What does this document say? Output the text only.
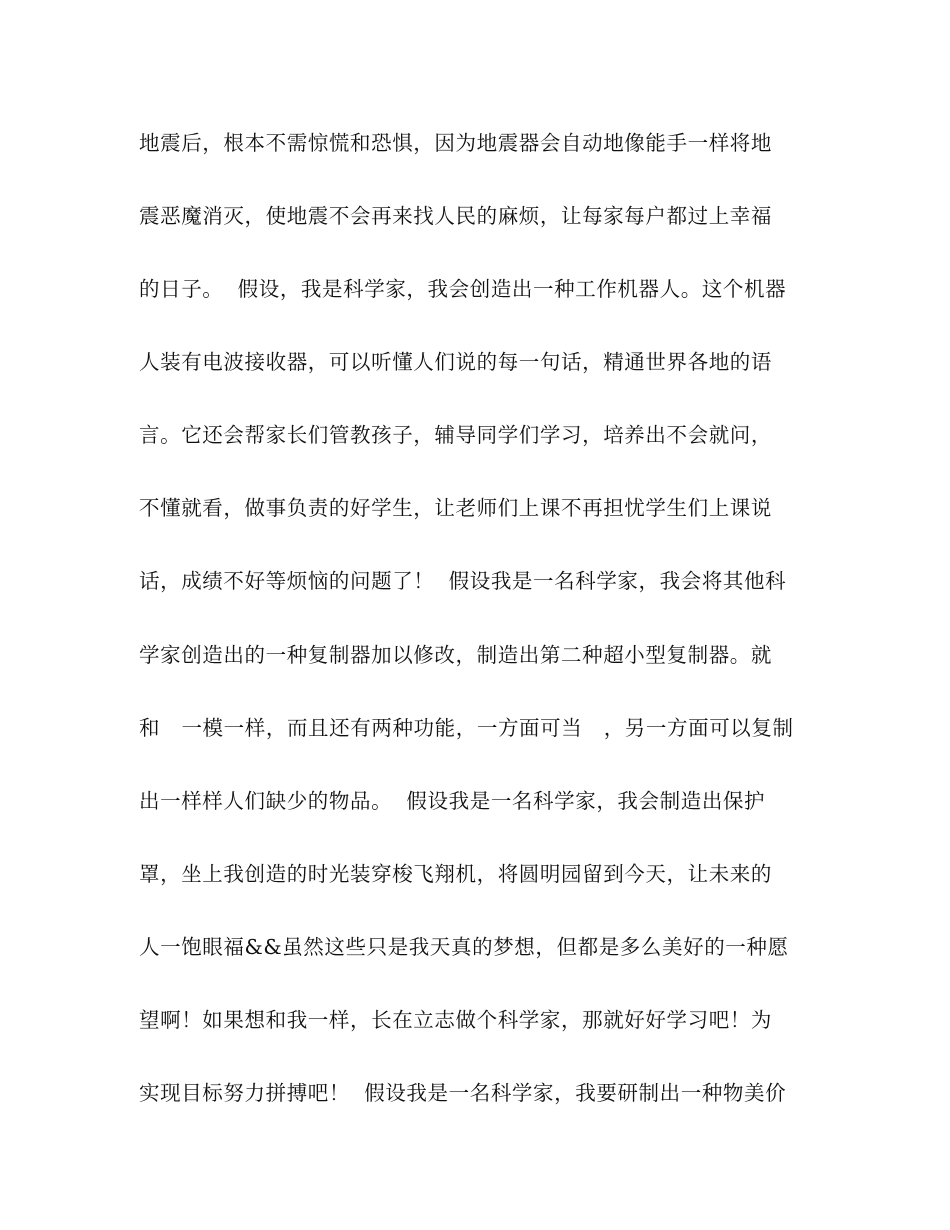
地震后，根本不需惊慌和恐惧，因为地震器会自动地像能手一样将地
震恶魔消灭，使地震不会再来找人民的麻烦，让每家每户都过上幸福
的日子。  假设，我是科学家，我会创造出一种工作机器人。这个机器
人装有电波接收器，可以听懂人们说的每一句话，精通世界各地的语
言。它还会帮家长们管教孩子，辅导同学们学习，培养出不会就问，
不懂就看，做事负责的好学生，让老师们上课不再担忧学生们上课说
话，成绩不好等烦恼的问题了！  假设我是一名科学家，我会将其他科
学家创造出的一种复制器加以修改，制造出第二种超小型复制器。就
和   一模一样，而且还有两种功能，一方面可当   ，另一方面可以复制
出一样样人们缺少的物品。  假设我是一名科学家，我会制造出保护
罩，坐上我创造的时光装穿梭飞翔机，将圆明园留到今天，让未来的
人一饱眼福&&虽然这些只是我天真的梦想，但都是多么美好的一种愿
望啊！如果想和我一样，长在立志做个科学家，那就好好学习吧！为
实现目标努力拼搏吧！  假设我是一名科学家，我要研制出一种物美价
